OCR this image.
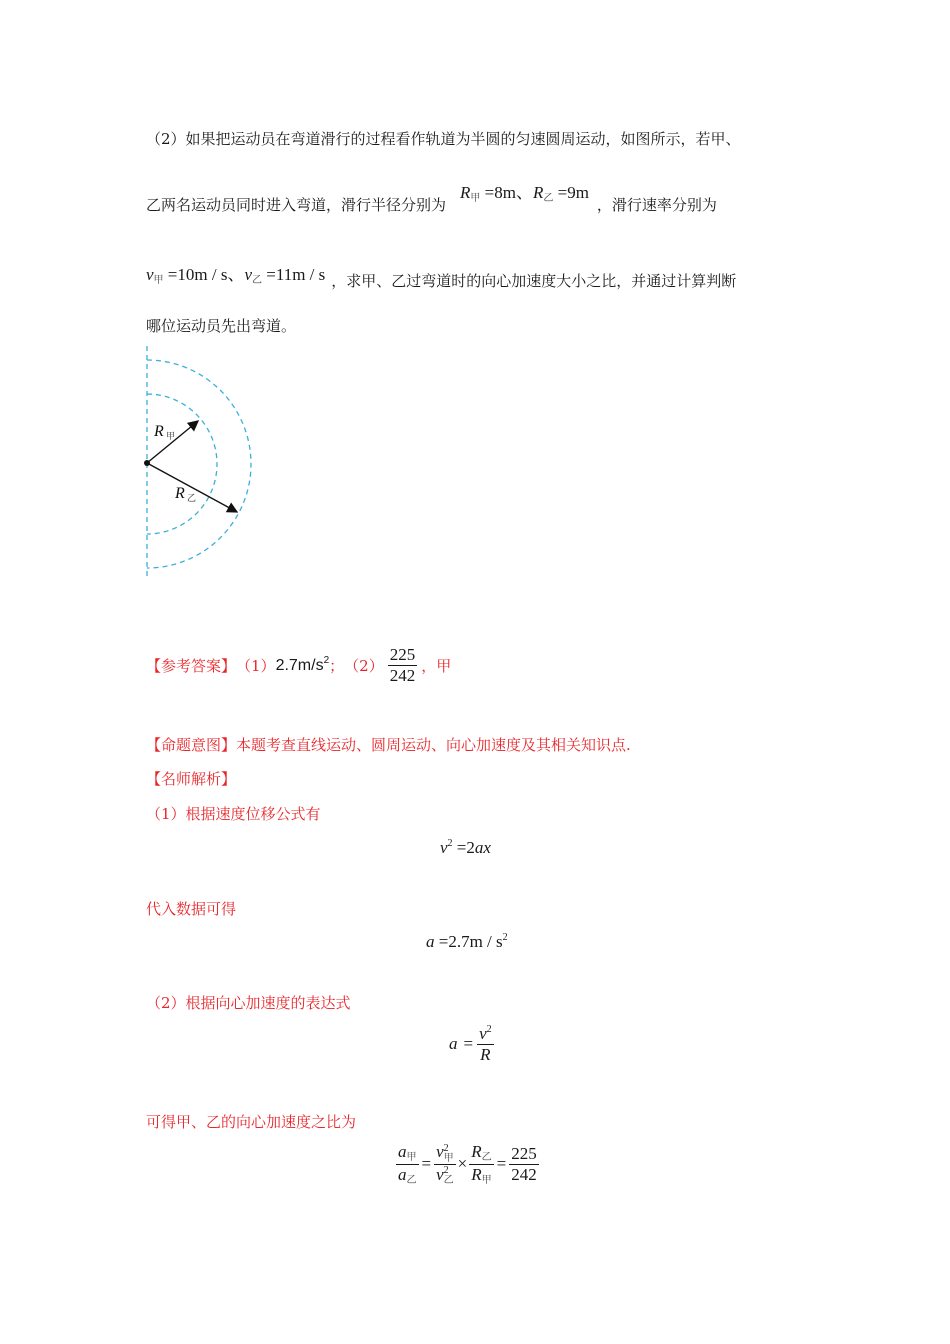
（2）如果把运动员在弯道滑行的过程看作轨道为半圆的匀速圆周运动，如图所示，若甲、
乙两名运动员同时进入弯道，滑行半径分别为$R_甲 =8m$、$R_乙 =9m$，滑行速率分别为
$v_甲 =10m / s$、$v_乙 =11m / s$ ，求甲、乙过弯道时的向心加速度大小之比，并通过计算判断
哪位运动员先出弯道。
R 甲
R 乙
【参考答案】 （1） $2.7m/s^2$ ； $(2) \frac{225}{242}$ ，甲
【命题意图】本题考查直线运动、圆周运动、向心加速度及其相关知识点.
【名师解析】
（1）根据速度位移公式有
$v^2 =2ax$
代入数据可得
$a =2.7m / s^2$
（2）根据向心加速度的表达式
$a = \frac{v^2}{R}$
可得甲、乙的向心加速度之比为
$\frac{a_甲}{a_乙} = v$ 2
甲
v 2
乙 × $\frac{R_乙}{R_甲} = \frac{225}{242}$
